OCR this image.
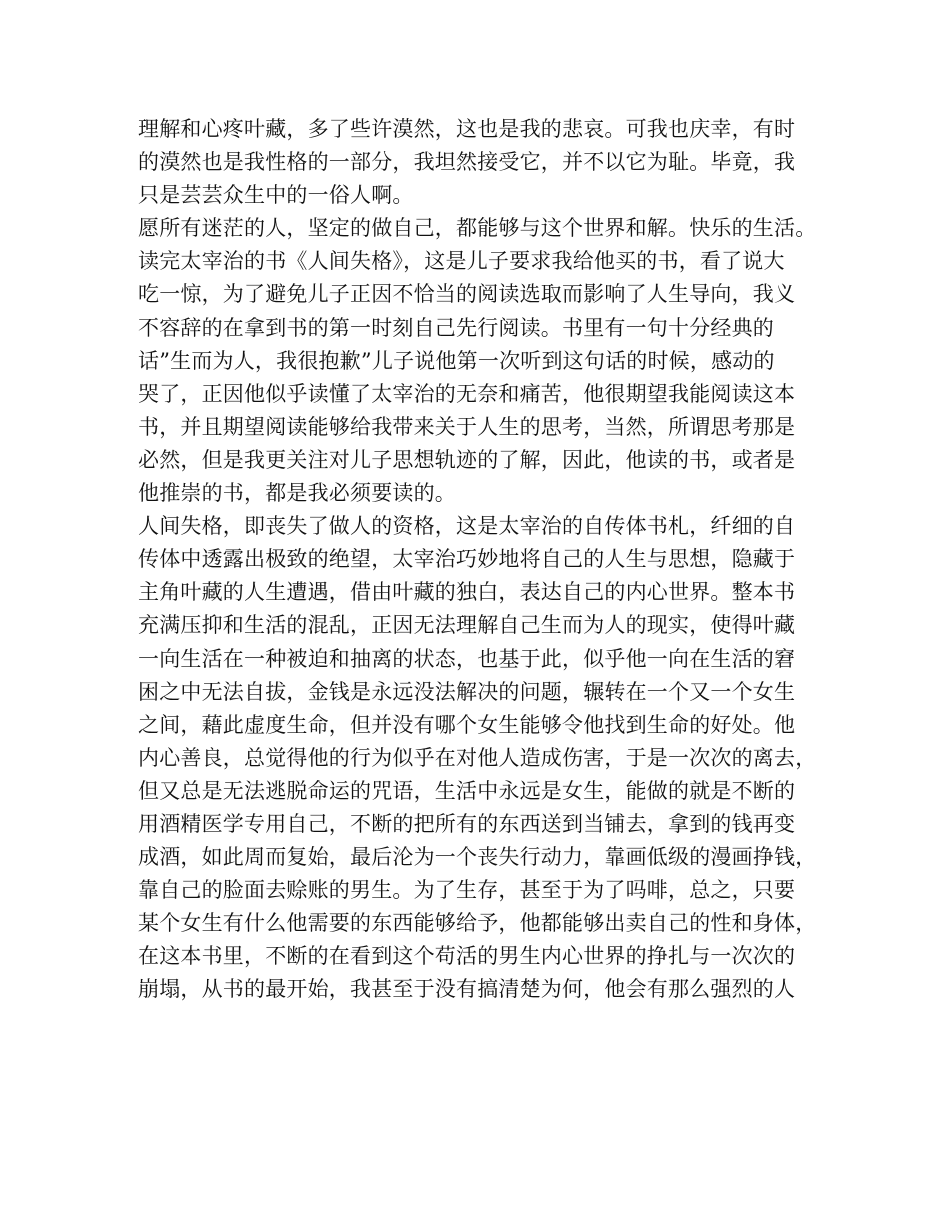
理解和心疼叶藏，多了些许漠然，这也是我的悲哀。可我也庆幸，有时
的漠然也是我性格的一部分，我坦然接受它，并不以它为耻。毕竟，我
只是芸芸众生中的一俗人啊。
愿所有迷茫的人，坚定的做自己，都能够与这个世界和解。快乐的生活。
读完太宰治的书《人间失格》，这是儿子要求我给他买的书，看了说大
吃一惊，为了避免儿子正因不恰当的阅读选取而影响了人生导向，我义
不容辞的在拿到书的第一时刻自己先行阅读。书里有一句十分经典的
话”生而为人，我很抱歉”儿子说他第一次听到这句话的时候，感动的
哭了，正因他似乎读懂了太宰治的无奈和痛苦，他很期望我能阅读这本
书，并且期望阅读能够给我带来关于人生的思考，当然，所谓思考那是
必然，但是我更关注对儿子思想轨迹的了解，因此，他读的书，或者是
他推崇的书，都是我必须要读的。
人间失格，即丧失了做人的资格，这是太宰治的自传体书札，纤细的自
传体中透露出极致的绝望，太宰治巧妙地将自己的人生与思想，隐藏于
主角叶藏的人生遭遇，借由叶藏的独白，表达自己的内心世界。整本书
充满压抑和生活的混乱，正因无法理解自己生而为人的现实，使得叶藏
一向生活在一种被迫和抽离的状态，也基于此，似乎他一向在生活的窘
困之中无法自拔，金钱是永远没法解决的问题，辗转在一个又一个女生
之间，藉此虚度生命，但并没有哪个女生能够令他找到生命的好处。他
内心善良，总觉得他的行为似乎在对他人造成伤害，于是一次次的离去，
但又总是无法逃脱命运的咒语，生活中永远是女生，能做的就是不断的
用酒精医学专用自己，不断的把所有的东西送到当铺去，拿到的钱再变
成酒，如此周而复始，最后沦为一个丧失行动力，靠画低级的漫画挣钱，
靠自己的脸面去赊账的男生。为了生存，甚至于为了吗啡，总之，只要
某个女生有什么他需要的东西能够给予，他都能够出卖自己的性和身体，
在这本书里，不断的在看到这个苟活的男生内心世界的挣扎与一次次的
崩塌，从书的最开始，我甚至于没有搞清楚为何，他会有那么强烈的人
